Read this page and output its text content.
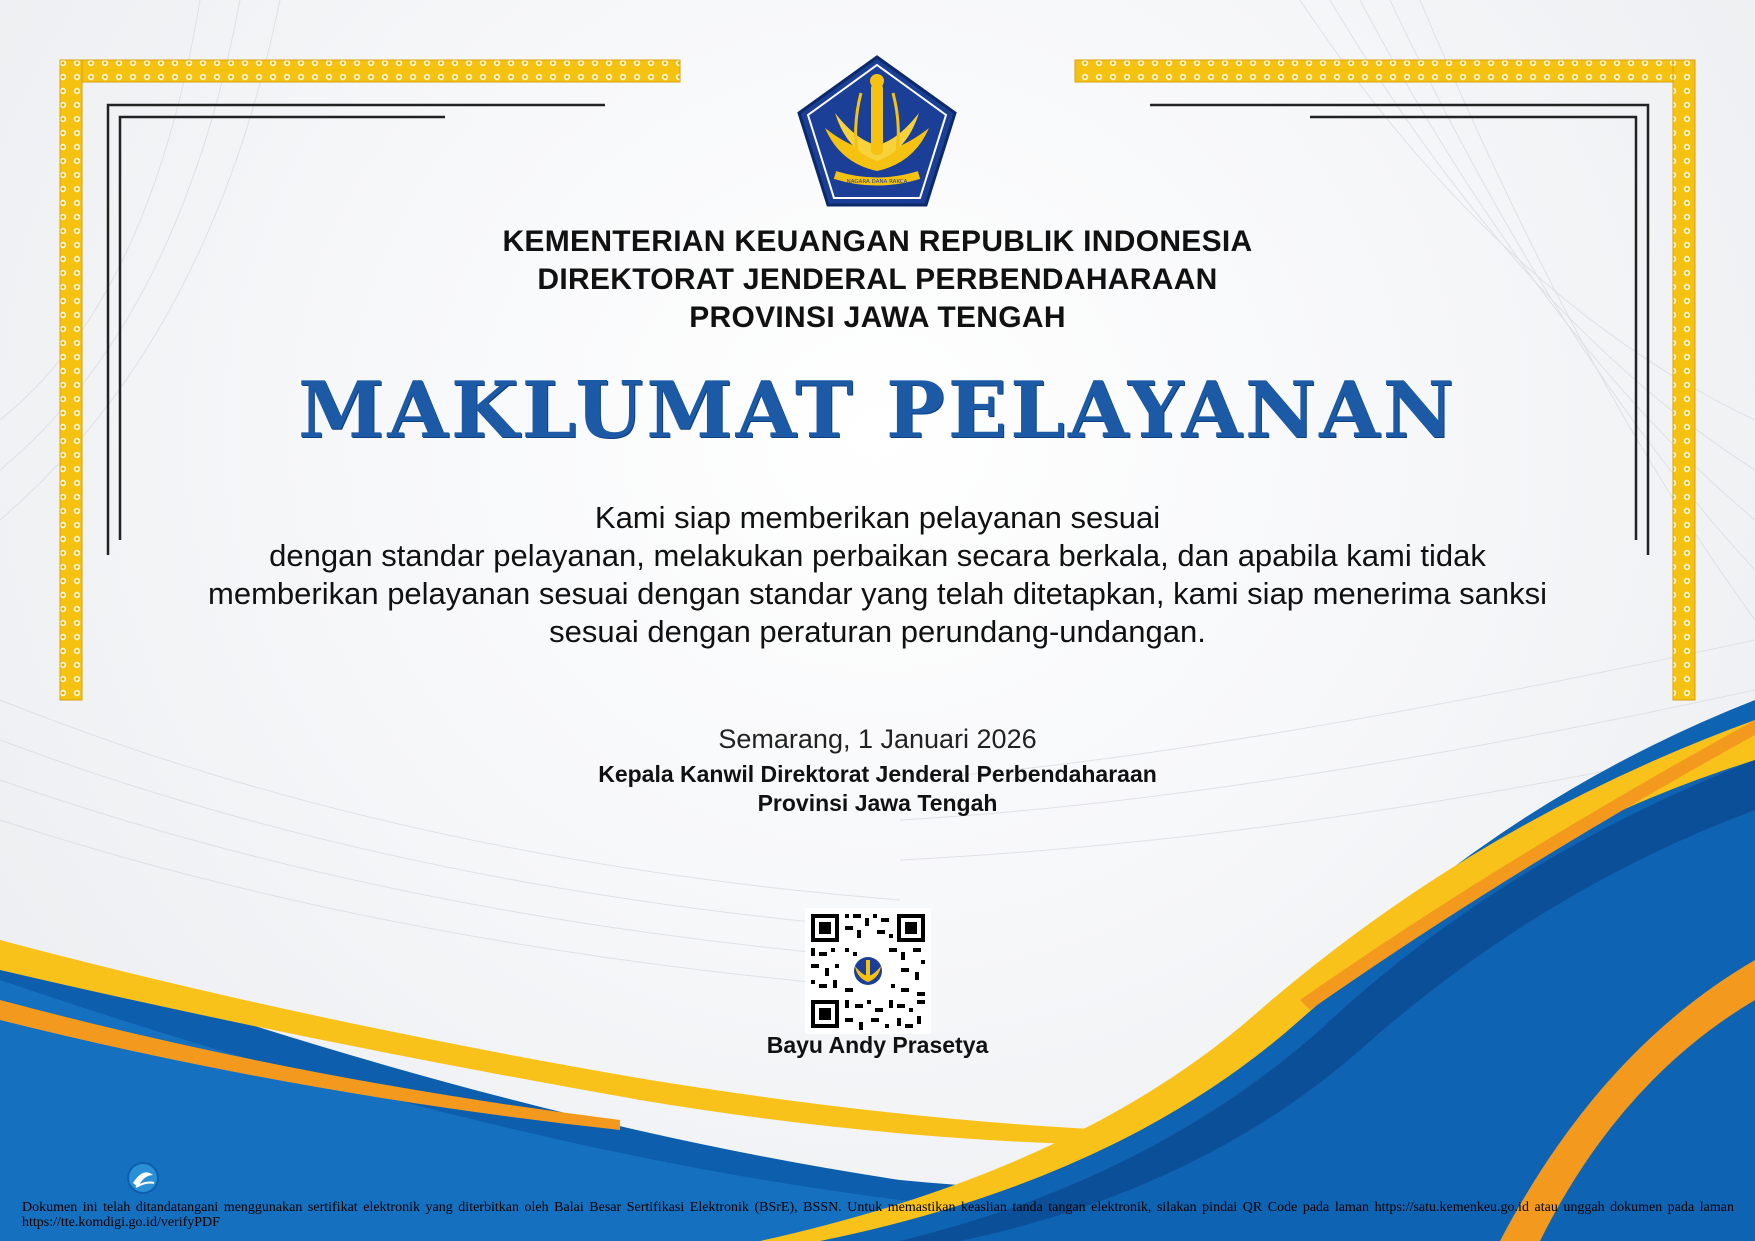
NAGARA DANA RAKCA
KEMENTERIAN KEUANGAN REPUBLIK INDONESIA
DIREKTORAT JENDERAL PERBENDAHARAAN
PROVINSI JAWA TENGAH
MAKLUMAT PELAYANAN
Kami siap memberikan pelayanan sesuai
dengan standar pelayanan, melakukan perbaikan secara berkala, dan apabila kami tidak
memberikan pelayanan sesuai dengan standar yang telah ditetapkan, kami siap menerima sanksi
sesuai dengan peraturan perundang-undangan.
Semarang, 1 Januari 2026
Kepala Kanwil Direktorat Jenderal Perbendaharaan
Provinsi Jawa Tengah
Bayu Andy Prasetya
Dokumen ini telah ditandatangani menggunakan sertifikat elektronik yang diterbitkan oleh Balai Besar Sertifikasi Elektronik (BSrE), BSSN. Untuk memastikan keaslian tanda tangan elektronik, silakan pindai QR Code pada laman https://satu.kemenkeu.go.id atau unggah dokumen pada laman https://tte.komdigi.go.id/verifyPDF
